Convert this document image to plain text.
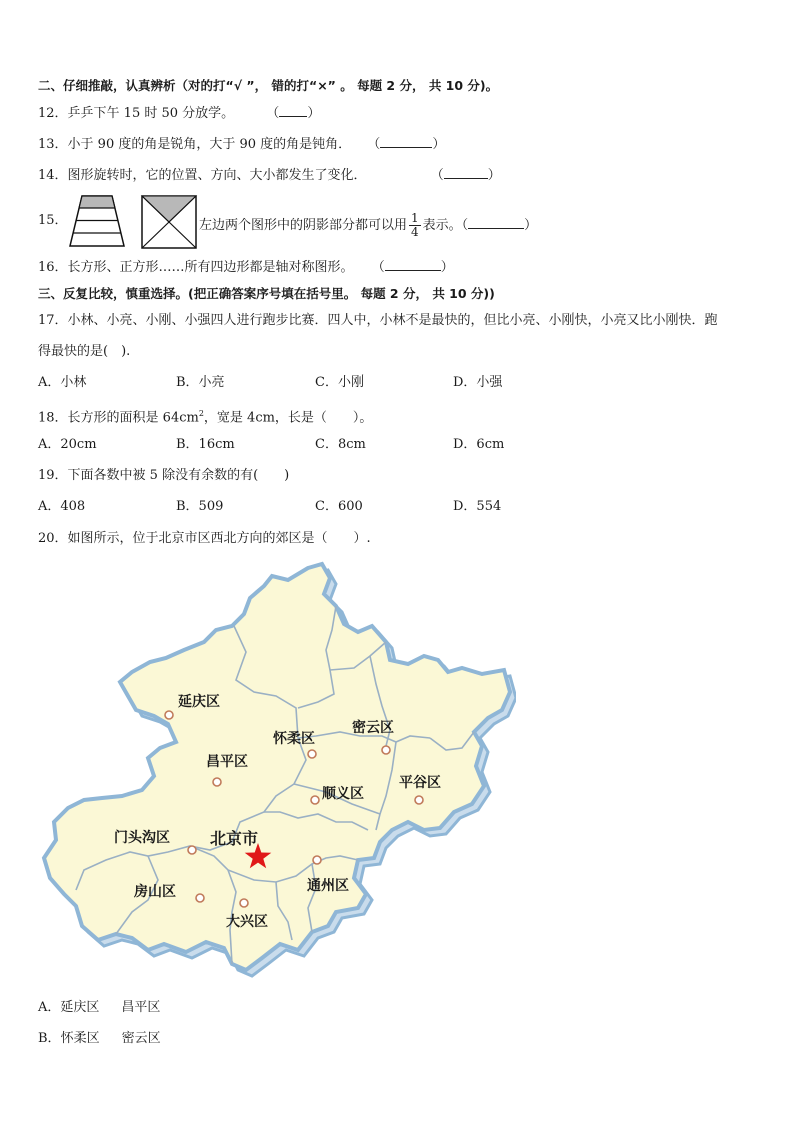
二、仔细推敲，认真辨析（对的打“√ ”， 错的打“×” 。 每题 2 分， 共 10 分)。
12．乒乒下午 15 时 50 分放学。 （ ）
13．小于 90 度的角是锐角，大于 90 度的角是钝角． （	）
14．图形旋转时，它的位置、方向、大小都发生了变化．	（	）
15．	左边两个图形中的阴影部分都可以用 $\frac{1}{4}$ 表示。（	）
16．长方形、正方形……所有四边形都是轴对称图形。 （	）
三、反复比较，慎重选择。(把正确答案序号填在括号里。 每题 2 分， 共 10 分))
17．小林、小亮、小刚、小强四人进行跑步比赛．四人中，小林不是最快的，但比小亮、小刚快，小亮又比小刚快．跑
得最快的是(　).
A．小林	B．小亮	C．小刚	D．小强
18．长方形的面积是 $64cm^2$，宽是 4cm，长是（　　）。
A．20cm	B．16cm	C．8cm	D．6cm
19．下面各数中被 5 除没有余数的有(　　)
A．408	B．509	C．600	D．554
20．如图所示，位于北京市区西北方向的郊区是（　　）.
延庆区
怀柔区
密云区
昌平区
平谷区
顺义区
门头沟区	北京市
房山区	通州区
大兴区
A．延庆区 昌平区
B．怀柔区 密云区
